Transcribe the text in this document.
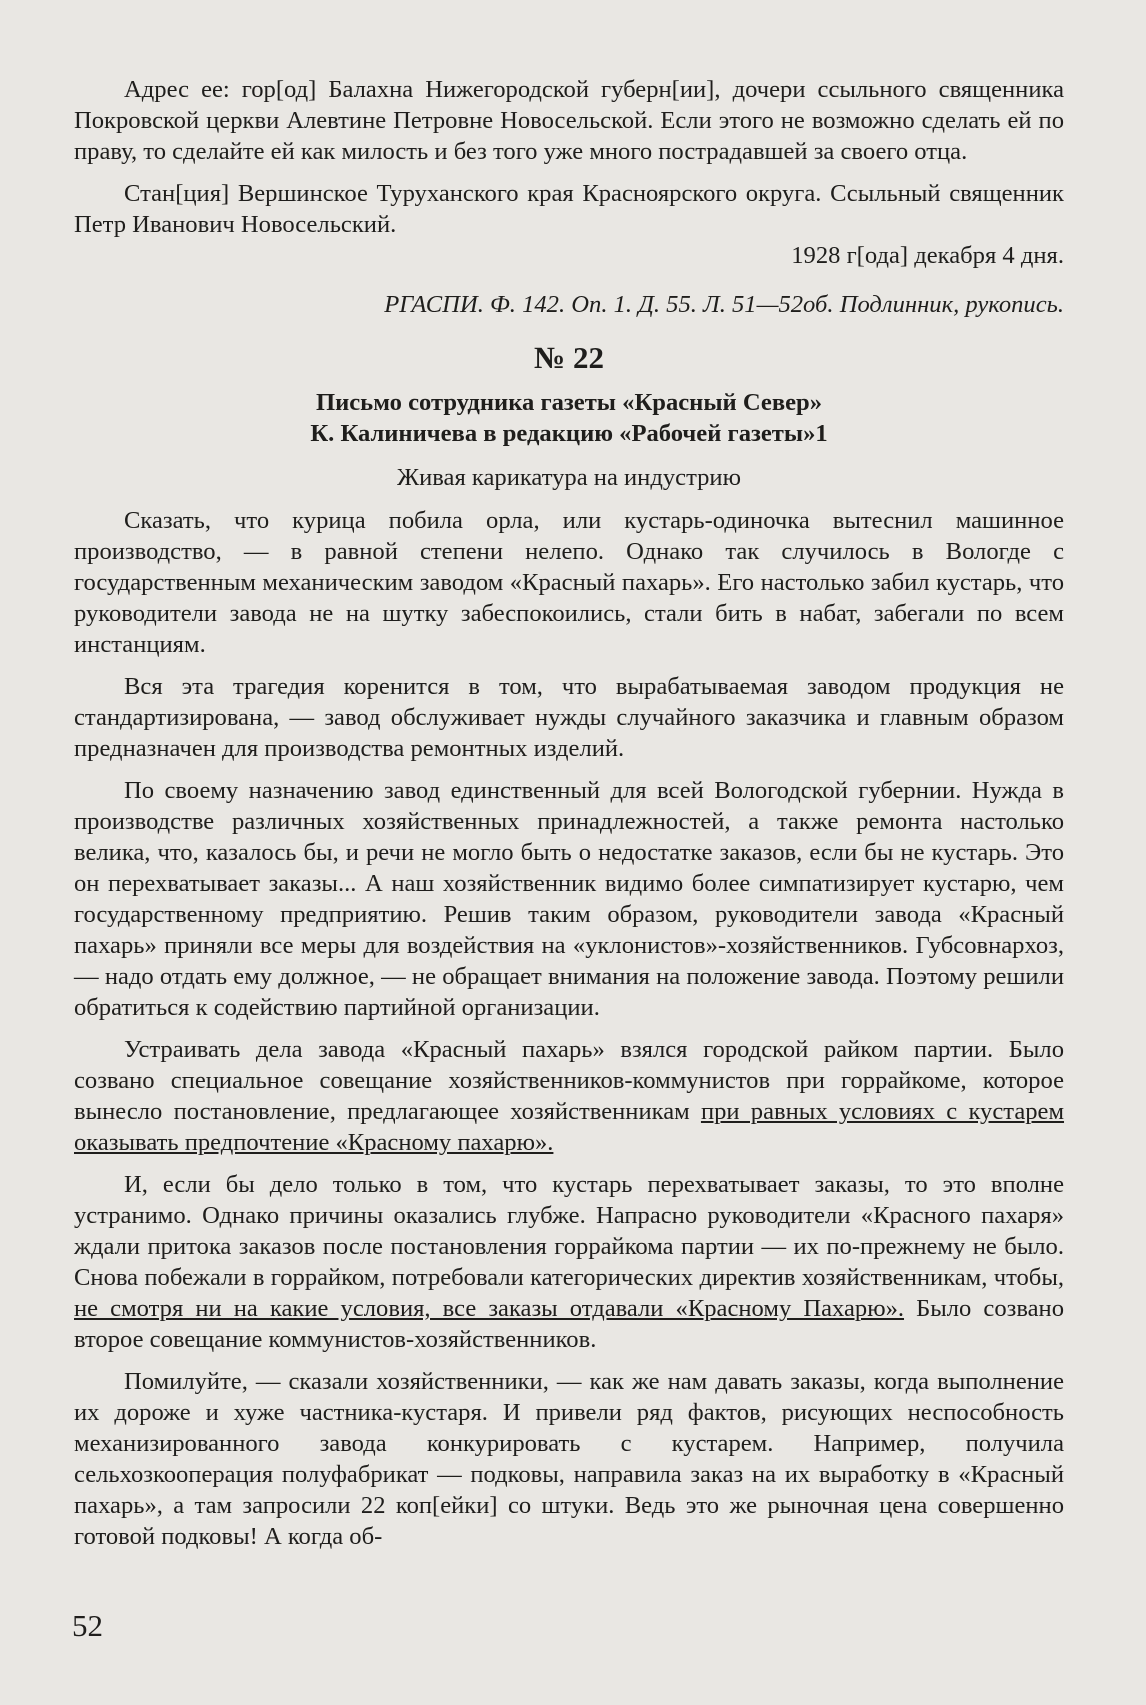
Адрес ее: гор[од] Балахна Нижегородской губерн[ии], дочери ссыльного священника Покровской церкви Алевтине Петровне Новосельской. Если этого не возможно сделать ей по праву, то сделайте ей как милость и без того уже много пострадавшей за своего отца.

Стан[ция] Вершинское Туруханского края Красноярского округа. Ссыльный священник Петр Иванович Новосельский.

1928 г[ода] декабря 4 дня.
РГАСПИ. Ф. 142. Оп. 1. Д. 55. Л. 51—52об. Подлинник, рукопись.
№ 22
Письмо сотрудника газеты «Красный Север»
К. Калиничева в редакцию «Рабочей газеты»1
Живая карикатура на индустрию

Сказать, что курица побила орла, или кустарь-одиночка вытеснил машинное производство, — в равной степени нелепо. Однако так случилось в Вологде с государственным механическим заводом «Красный пахарь». Его настолько забил кустарь, что руководители завода не на шутку забеспокоились, стали бить в набат, забегали по всем инстанциям.

Вся эта трагедия коренится в том, что вырабатываемая заводом продукция не стандартизирована, — завод обслуживает нужды случайного заказчика и главным образом предназначен для производства ремонтных изделий.

По своему назначению завод единственный для всей Вологодской губернии. Нужда в производстве различных хозяйственных принадлежностей, а также ремонта настолько велика, что, казалось бы, и речи не могло быть о недостатке заказов, если бы не кустарь. Это он перехватывает заказы... А наш хозяйственник видимо более симпатизирует кустарю, чем государственному предприятию. Решив таким образом, руководители завода «Красный пахарь» приняли все меры для воздействия на «уклонистов»-хозяйственников. Губсовнархоз, — надо отдать ему должное, — не обращает внимания на положение завода. Поэтому решили обратиться к содействию партийной организации.

Устраивать дела завода «Красный пахарь» взялся городской райком партии. Было созвано специальное совещание хозяйственников-коммунистов при горрайкоме, которое вынесло постановление, предлагающее хозяйственникам при равных условиях с кустарем оказывать предпочтение «Красному пахарю».

И, если бы дело только в том, что кустарь перехватывает заказы, то это вполне устранимо. Однако причины оказались глубже. Напрасно руководители «Красного пахаря» ждали притока заказов после постановления горрайкома партии — их по-прежнему не было. Снова побежали в горрайком, потребовали категорических директив хозяйственникам, чтобы, не смотря ни на какие условия, все заказы отдавали «Красному Пахарю». Было созвано второе совещание коммунистов-хозяйственников.

Помилуйте, — сказали хозяйственники, — как же нам давать заказы, когда выполнение их дороже и хуже частника-кустаря. И привели ряд фактов, рисующих неспособность механизированного завода конкурировать с кустарем. Например, получила сельхозкооперация полуфабрикат — подковы, направила заказ на их выработку в «Красный пахарь», а там запросили 22 коп[ейки] со штуки. Ведь это же рыночная цена совершенно готовой подковы! А когда об-

52
